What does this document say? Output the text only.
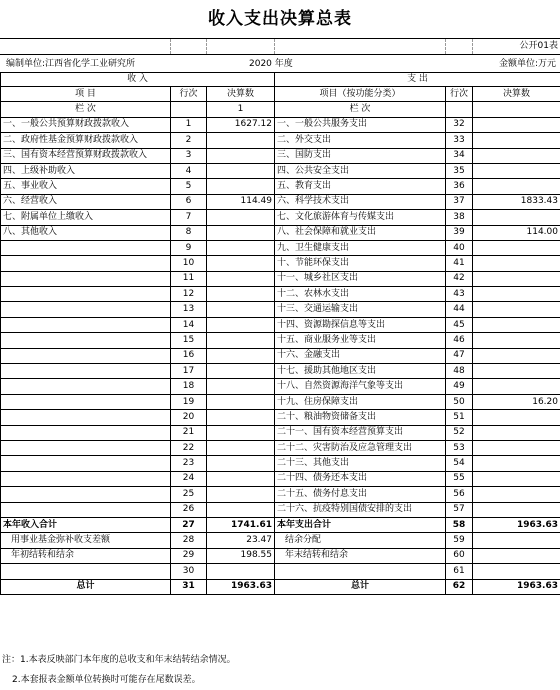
收入支出决算总表
公开01表
编制单位:江西省化学工业研究所	2020 年度	金额单位:万元
收 入			支 出		
项 目	行次	决算数	项目（按功能分类）	行次	决算数
栏 次		1	栏 次		
一、一般公共预算财政拨款收入	1	1627.12	一、一般公共服务支出	32	
二、政府性基金预算财政拨款收入	2		二、外交支出	33	
三、国有资本经营预算财政拨款收入	3		三、国防支出	34	
四、上级补助收入	4		四、公共安全支出	35	
五、事业收入	5		五、教育支出	36	
六、经营收入	6	114.49	六、科学技术支出	37	1833.43
七、附属单位上缴收入	7		七、文化旅游体育与传媒支出	38	
八、其他收入	8		八、社会保障和就业支出	39	114.00
	9		九、卫生健康支出	40	
	10		十、节能环保支出	41	
	11		十一、城乡社区支出	42	
	12		十二、农林水支出	43	
	13		十三、交通运输支出	44	
	14		十四、资源勘探信息等支出	45	
	15		十五、商业服务业等支出	46	
	16		十六、金融支出	47	
	17		十七、援助其他地区支出	48	
	18		十八、自然资源海洋气象等支出	49	
	19		十九、住房保障支出	50	16.20
	20		二十、粮油物资储备支出	51	
	21		二十一、国有资本经营预算支出	52	
	22		二十二、灾害防治及应急管理支出	53	
	23		二十三、其他支出	54	
	24		二十四、债务还本支出	55	
	25		二十五、债务付息支出	56	
	26		二十六、抗疫特别国债安排的支出	57	
本年收入合计	27	1741.61	本年支出合计	58	1963.63
用事业基金弥补收支差额	28	23.47	结余分配	59	
年初结转和结余	29	198.55	年末结转和结余	60	
	30			61	
总计	31	1963.63	总计	62	1963.63
注：1.本表反映部门本年度的总收支和年末结转结余情况。
2.本套报表金额单位转换时可能存在尾数误差。
